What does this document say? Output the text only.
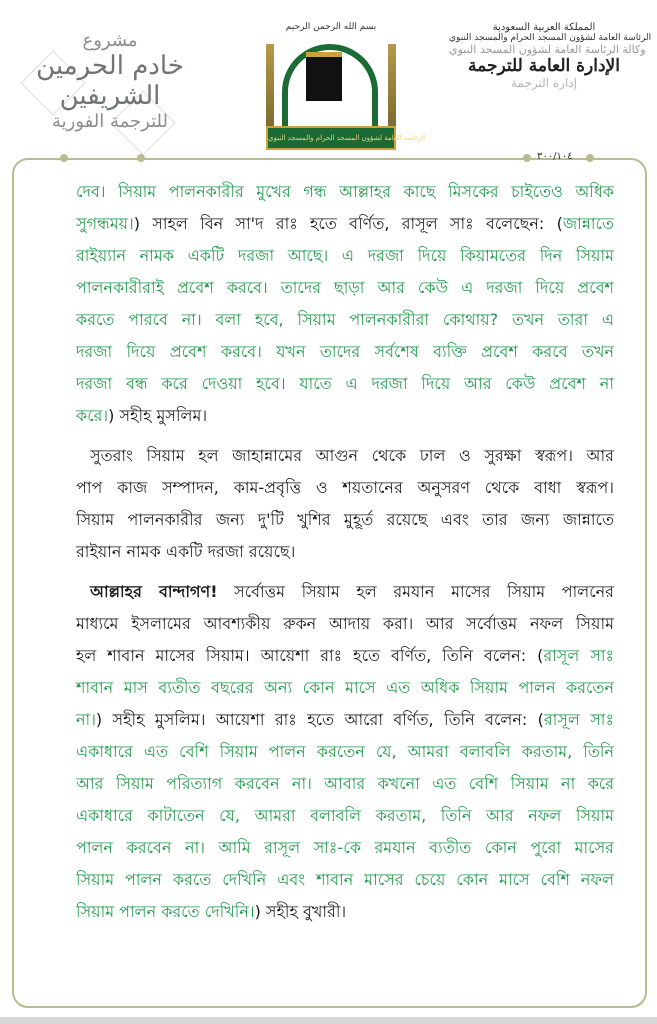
مشروع
خادم الحرمين الشريفين
للترجمة الفورية
بسم الله الرحمن الرحيم
الرئاسة العامة لشؤون المسجد الحرام والمسجد النبوي
المملكة العربية السعودية
الرئاسة العامة لشؤون المسجد الحرام والمسجد النبوي
وكالة الرئاسة العامة لشؤون المسجد النبوي
الإدارة العامة للترجمة
إدارة الترجمة
٣٠٠/١٠٤
দেব। সিয়াম পালনকারীর মুখের গন্ধ আল্লাহর কাছে মিসকের চাইতেও অধিক
সুগন্ধময়।) সাহল বিন সা'দ রাঃ হতে বর্ণিত, রাসূল সাঃ বলেছেন: (জান্নাতে
রাইয়্যান নামক একটি দরজা আছে। এ দরজা দিয়ে কিয়ামতের দিন সিয়াম
পালনকারীরাই প্রবেশ করবে। তাদের ছাড়া আর কেউ এ দরজা দিয়ে প্রবেশ
করতে পারবে না। বলা হবে, সিয়াম পালনকারীরা কোথায়? তখন তারা এ
দরজা দিয়ে প্রবেশ করবে। যখন তাদের সর্বশেষ ব্যক্তি প্রবেশ করবে তখন
দরজা বন্ধ করে দেওয়া হবে। যাতে এ দরজা দিয়ে আর কেউ প্রবেশ না
করে।) সহীহ মুসলিম।
সুতরাং সিয়াম হল জাহান্নামের আগুন থেকে ঢাল ও সুরক্ষা স্বরূপ। আর
পাপ কাজ সম্পাদন, কাম-প্রবৃত্তি ও শয়তানের অনুসরণ থেকে বাধা স্বরূপ।
সিয়াম পালনকারীর জন্য দু'টি খুশির মুহূর্ত রয়েছে এবং তার জন্য জান্নাতে
রাইয়ান নামক একটি দরজা রয়েছে।
আল্লাহর বান্দাগণ! সর্বোত্তম সিয়াম হল রমযান মাসের সিয়াম পালনের
মাধ্যমে ইসলামের আবশ্যকীয় রুকন আদায় করা। আর সর্বোত্তম নফল সিয়াম
হল শাবান মাসের সিয়াম। আয়েশা রাঃ হতে বর্ণিত, তিনি বলেন: (রাসূল সাঃ
শাবান মাস ব্যতীত বছরের অন্য কোন মাসে এত অধিক সিয়াম পালন করতেন
না।) সহীহ মুসলিম। আয়েশা রাঃ হতে আরো বর্ণিত, তিনি বলেন: (রাসূল সাঃ
একাধারে এত বেশি সিয়াম পালন করতেন যে, আমরা বলাবলি করতাম, তিনি
আর সিয়াম পরিত্যাগ করবেন না। আবার কখনো এত বেশি সিয়াম না করে
একাধারে কাটাতেন যে, আমরা বলাবলি করতাম, তিনি আর নফল সিয়াম
পালন করবেন না। আমি রাসূল সাঃ-কে রমযান ব্যতীত কোন পুরো মাসের
সিয়াম পালন করতে দেখিনি এবং শাবান মাসের চেয়ে কোন মাসে বেশি নফল
সিয়াম পালন করতে দেখিনি।) সহীহ বুখারী।
